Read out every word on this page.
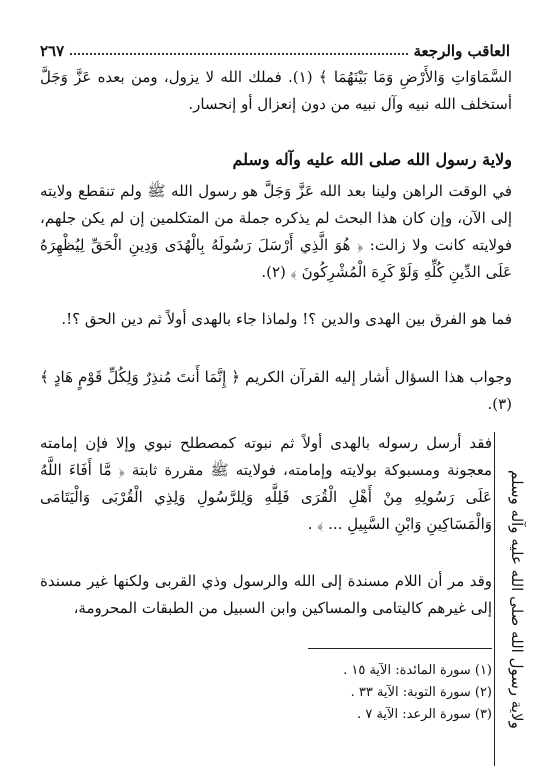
العاقب والرجعة
٢٦٧

السَّمَاوَاتِ وَالأَرْضِ وَمَا بَيْنَهُمَا ﴾ (١). فملك الله لا يزول، ومن بعده عَزَّ وَجَلَّ أستخلف الله نبيه وآل نبيه من دون إنعزال أو إنحسار.

ولاية رسول الله صلى الله عليه وآله وسلم

في الوقت الراهن ولينا بعد الله عَزَّ وَجَلَّ هو رسول الله ﷺ ولم تنقطع ولايته إلى الآن، وإن كان هذا البحث لم يذكره جملة من المتكلمين إن لم يكن جلهم، فولايته كانت ولا زالت: ﴿ هُوَ الَّذِي أَرْسَلَ رَسُولَهُ بِالْهُدَى وَدِينِ الْحَقِّ لِيُظْهِرَهُ عَلَى الدِّينِ كُلِّهِ وَلَوْ كَرِهَ الْمُشْرِكُونَ ﴾ (٢).

فما هو الفرق بين الهدى والدين ؟! ولماذا جاء بالهدى أولاً ثم دين الحق ؟!.

وجواب هذا السؤال أشار إليه القرآن الكريم ﴿ إِنَّمَا أَنتَ مُنذِرٌ وَلِكُلِّ قَوْمٍ هَادٍ ﴾ (٣).

فقد أرسل رسوله بالهدى أولاً ثم نبوته كمصطلح نبوي وإلا فإن إمامته معجونة ومسبوكة بولايته وإمامته، فولايته ﷺ مقررة ثابتة ﴿ مَّا أَفَاءَ اللَّهُ عَلَى رَسُولِهِ مِنْ أَهْلِ الْقُرَى فَلِلَّهِ وَلِلرَّسُولِ وَلِذِي الْقُرْبَى وَالْيَتَامَى وَالْمَسَاكِينِ وَابْنِ السَّبِيلِ ... ﴾ .

وقد مر أن اللام مسندة إلى الله والرسول وذي القربى ولكنها غير مسندة إلى غيرهم كاليتامى والمساكين وابن السبيل من الطبقات المحرومة، ولاية رسول الله صلى الله عليه وآله وسلم
(١) سورة المائدة: الآية ١٥ .
(٢) سورة التوبة: الآية ٣٣ .
(٣) سورة الرعد: الآية ٧ .
